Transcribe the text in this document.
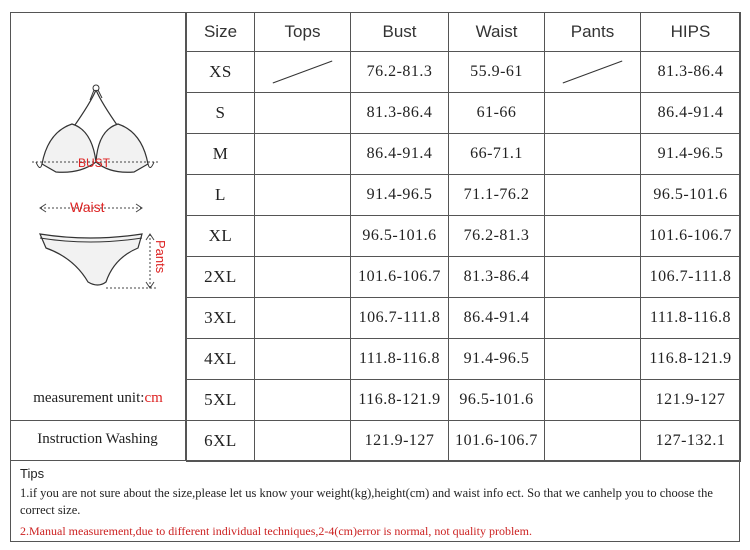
BUST
Waist
Pants
measurement unit:cm
Instruction Washing
Size	Tops	Bust	Waist	Pants	HIPS
XS		76.2-81.3	55.9-61		81.3-86.4
S		81.3-86.4	61-66		86.4-91.4
M		86.4-91.4	66-71.1		91.4-96.5
L		91.4-96.5	71.1-76.2		96.5-101.6
XL		96.5-101.6	76.2-81.3		101.6-106.7
2XL		101.6-106.7	81.3-86.4		106.7-111.8
3XL		106.7-111.8	86.4-91.4		111.8-116.8
4XL		111.8-116.8	91.4-96.5		116.8-121.9
5XL		116.8-121.9	96.5-101.6		121.9-127
6XL		121.9-127	101.6-106.7		127-132.1
Tips
1.if you are not sure about the size,please let us know your weight(kg),height(cm) and waist info ect. So that we canhelp you to choose the correct size.
2.Manual measurement,due to different individual techniques,2-4(cm)error is normal, not quality problem.
